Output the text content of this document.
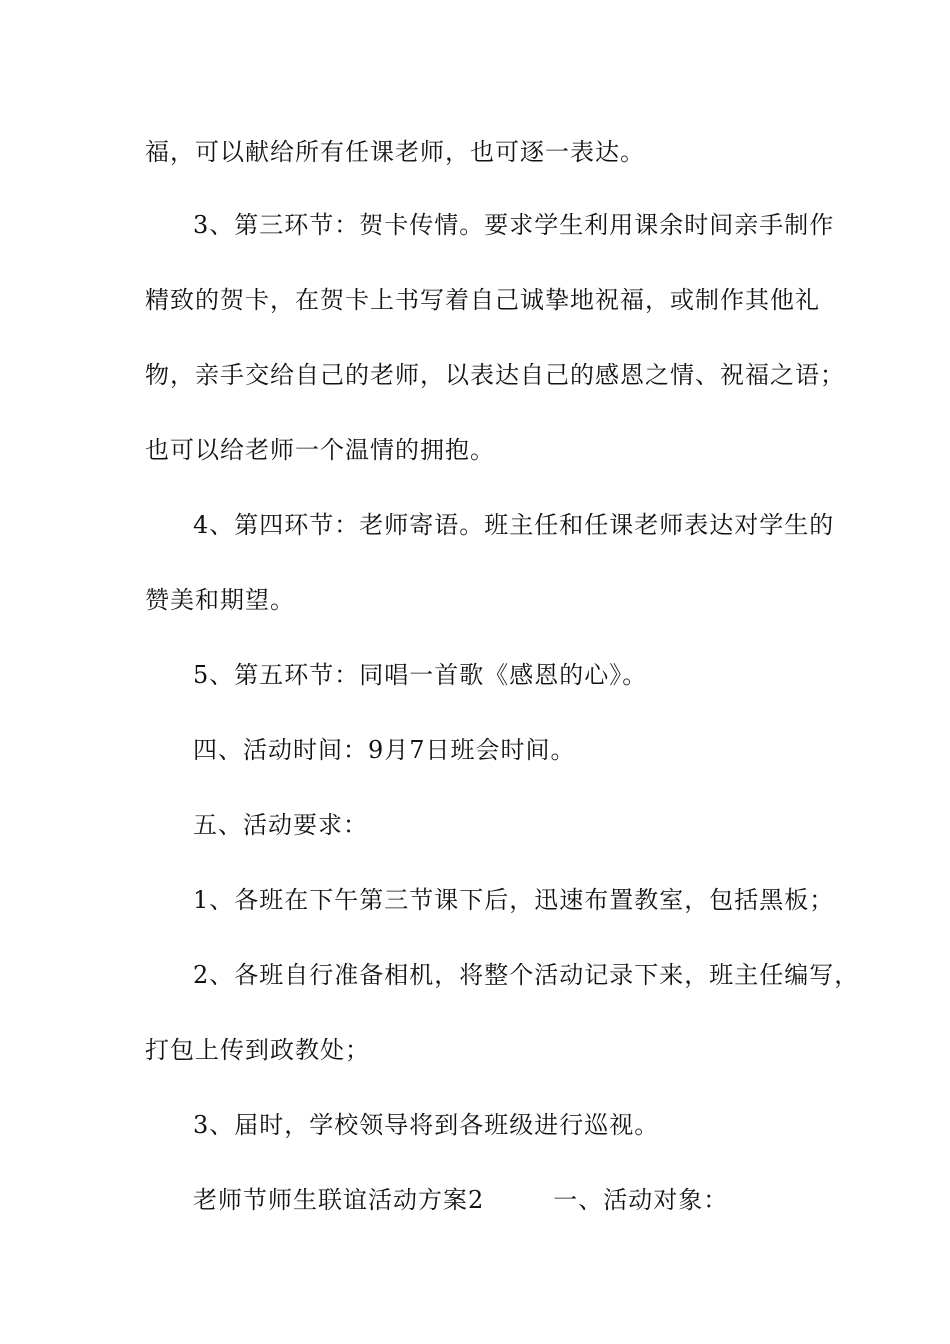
福，可以献给所有任课老师，也可逐一表达。
3、第三环节：贺卡传情。要求学生利用课余时间亲手制作
精致的贺卡，在贺卡上书写着自己诚挚地祝福，或制作其他礼
物，亲手交给自己的老师，以表达自己的感恩之情、祝福之语；
也可以给老师一个温情的拥抱。
4、第四环节：老师寄语。班主任和任课老师表达对学生的
赞美和期望。
5、第五环节：同唱一首歌《感恩的心》。
四、活动时间：9月7日班会时间。
五、活动要求：
1、各班在下午第三节课下后，迅速布置教室，包括黑板；
2、各班自行准备相机，将整个活动记录下来，班主任编写，
打包上传到政教处；
3、届时，学校领导将到各班级进行巡视。
老师节师生联谊活动方案2        一、活动对象：
